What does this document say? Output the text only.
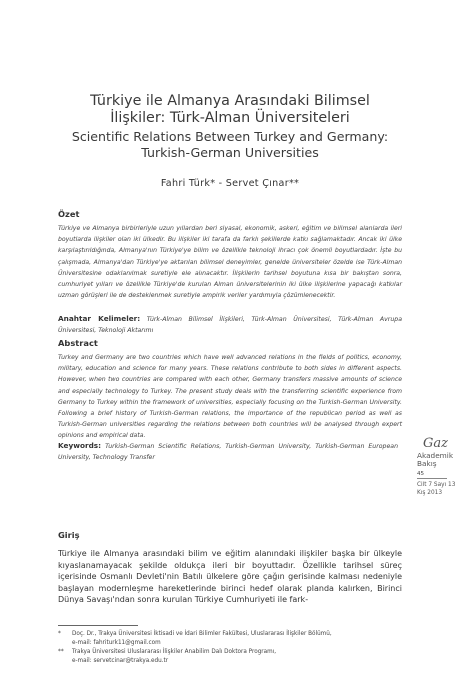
Türkiye ile Almanya Arasındaki Bilimsel
İlişkiler: Türk-Alman Üniversiteleri
Scientific Relations Between Turkey and Germany:
Turkish-German Universities
Fahri Türk* - Servet Çınar**
Özet
Türkiye ve Almanya birbirleriyle uzun yıllardan beri siyasal, ekonomik, askeri, eğitim ve bilimsel alanlarda ileri boyutlarda ilişkiler olan iki ülkedir. Bu ilişkiler iki tarafa da farklı şekillerde katkı sağlamaktadır. Ancak iki ülke karşılaştırıldığında, Almanya'nın Türkiye'ye bilim ve özellikle teknoloji ihracı çok önemli boyutlardadır. İşte bu çalışmada, Almanya'dan Türkiye'ye aktarılan bilimsel deneyimler, genelde üniversiteler özelde ise Türk-Alman Üniversitesine odaklanılmak suretiyle ele alınacaktır. İlişkilerin tarihsel boyutuna kısa bir bakıştan sonra, cumhuriyet yılları ve özellikle Türkiye'de kurulan Alman üniversitelerinin iki ülke ilişkilerine yapacağı katkılar uzman görüşleri ile de desteklenmek suretiyle ampirik veriler yardımıyla çözümlenecektir.
Anahtar Kelimeler: Türk-Alman Bilimsel İlişkileri, Türk-Alman Üniversitesi, Türk-Alman Avrupa Üniversitesi, Teknoloji Aktarımı
Abstract
Turkey and Germany are two countries which have well advanced relations in the fields of politics, economy, military, education and science for many years. These relations contribute to both sides in different aspects. However, when two countries are compared with each other, Germany transfers massive amounts of science and especially technology to Turkey. The present study deals with the transferring scientific experience from Germany to Turkey within the framework of universities, especially focusing on the Turkish-German University. Following a brief history of Turkish-German relations, the importance of the republican period as well as Turkish-German universities regarding the relations between both countries will be analysed through expert opinions and empirical data.
Keywords: Turkish-German Scientific Relations, Turkish-German University, Turkish-German European University, Technology Transfer
Gaz
Akademik
Bakış
45
Cilt 7 Sayı 13
Kış 2013
Giriş
Türkiye ile Almanya arasındaki bilim ve eğitim alanındaki ilişkiler başka bir ülkeyle kıyaslanamayacak şekilde oldukça ileri bir boyuttadır. Özellikle tarihsel süreç içerisinde Osmanlı Devleti'nin Batılı ülkelere göre çağın gerisinde kalması nedeniyle başlayan modernleşme hareketlerinde birinci hedef olarak planda kalırken, Birinci Dünya Savaşı'ndan sonra kurulan Türkiye Cumhuriyeti ile fark-
* Doç. Dr., Trakya Üniversitesi İktisadi ve İdari Bilimler Fakültesi, Uluslararası İlişkiler Bölümü,
e-mail: fahriturk11@gmail.com
** Trakya Üniversitesi Uluslararası İlişkiler Anabilim Dalı Doktora Programı,
e-mail: servetcinar@trakya.edu.tr
